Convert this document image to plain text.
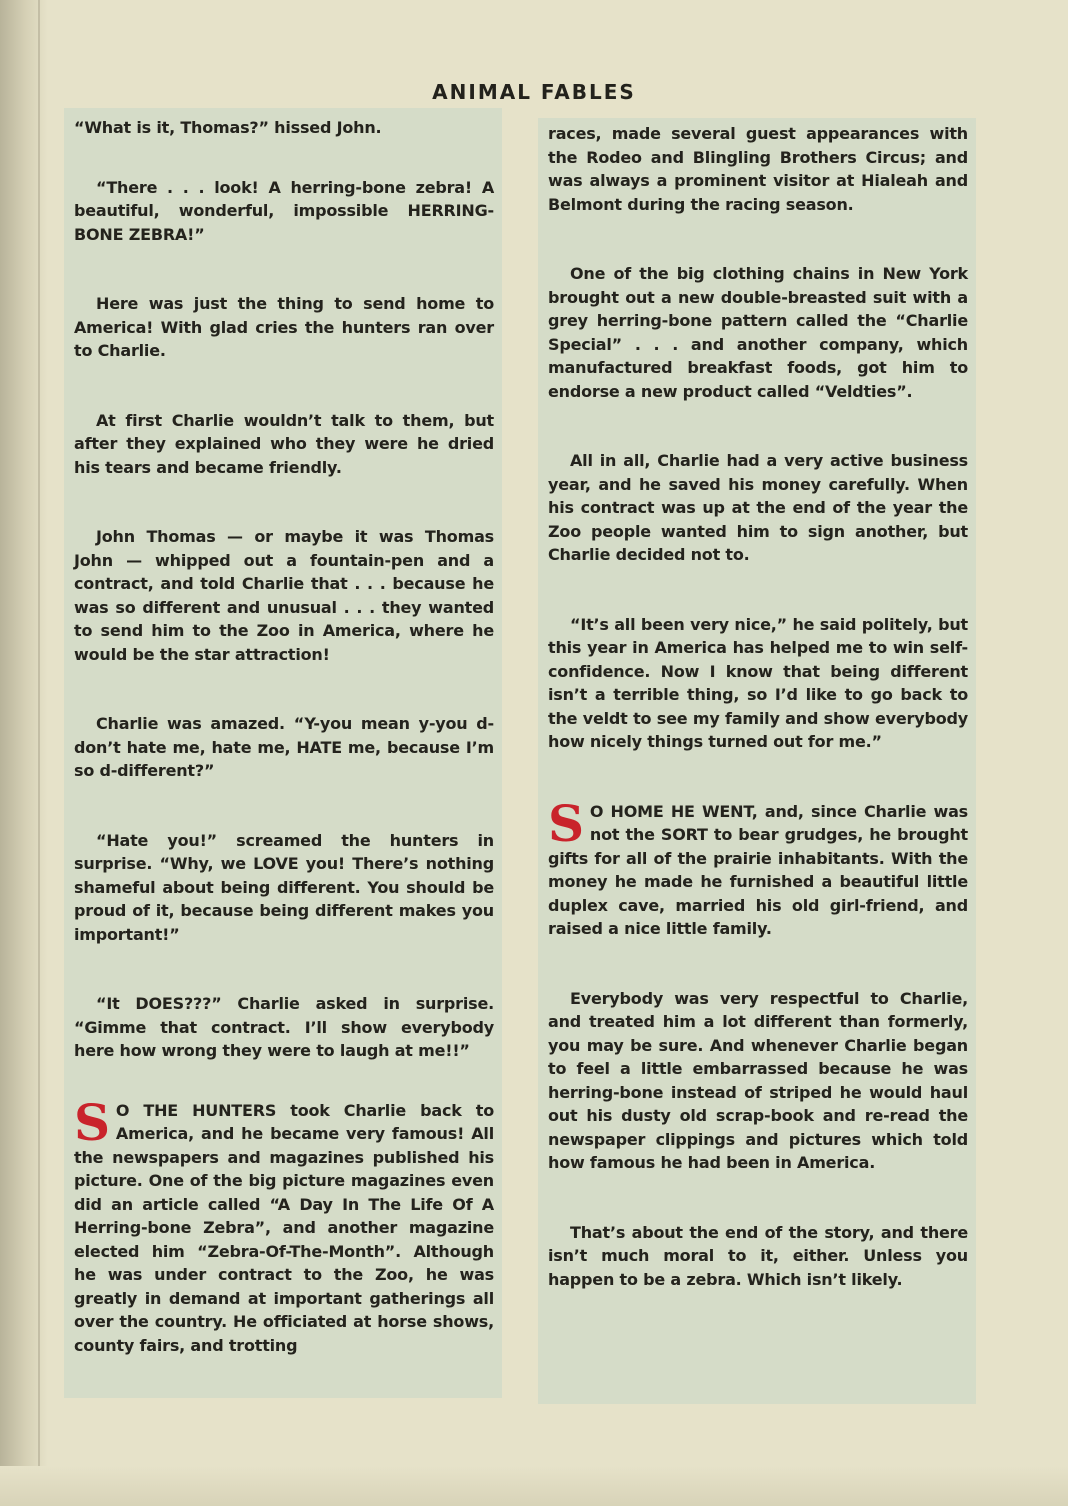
ANIMAL FABLES

“What is it, Thomas?” hissed John.

“There . . . look! A herring-bone zebra! A beautiful, wonderful, impossible HERRING-BONE ZEBRA!”

Here was just the thing to send home to America! With glad cries the hunters ran over to Charlie.

At first Charlie wouldn’t talk to them, but after they explained who they were he dried his tears and became friendly.

John Thomas — or maybe it was Thomas John — whipped out a fountain-pen and a contract, and told Charlie that . . . because he was so different and unusual . . . they wanted to send him to the Zoo in America, where he would be the star attraction!

Charlie was amazed. “Y-you mean y-you d-don’t hate me, hate me, HATE me, because I’m so d-different?”

“Hate you!” screamed the hunters in surprise. “Why, we LOVE you! There’s nothing shameful about being different. You should be proud of it, because being different makes you important!”

“It DOES???” Charlie asked in surprise. “Gimme that contract. I’ll show everybody here how wrong they were to laugh at me!!”

S O THE HUNTERS took Charlie back to America, and he became very famous! All the newspapers and magazines published his picture. One of the big picture magazines even did an article called “A Day In The Life Of A Herring-bone Zebra”, and another magazine elected him “Zebra-Of-The-Month”. Although he was under contract to the Zoo, he was greatly in demand at important gatherings all over the country. He officiated at horse shows, county fairs, and trotting

races, made several guest appearances with the Rodeo and Blingling Brothers Circus; and was always a prominent visitor at Hialeah and Belmont during the racing season.

One of the big clothing chains in New York brought out a new double-breasted suit with a grey herring-bone pattern called the “Charlie Special” . . . and another company, which manufactured breakfast foods, got him to endorse a new product called “Veldties”.

All in all, Charlie had a very active business year, and he saved his money carefully. When his contract was up at the end of the year the Zoo people wanted him to sign another, but Charlie decided not to.

“It’s all been very nice,” he said politely, but this year in America has helped me to win self-confidence. Now I know that being different isn’t a terrible thing, so I’d like to go back to the veldt to see my family and show everybody how nicely things turned out for me.”

S O HOME HE WENT, and, since Charlie was not the SORT to bear grudges, he brought gifts for all of the prairie inhabitants. With the money he made he furnished a beautiful little duplex cave, married his old girl-friend, and raised a nice little family.

Everybody was very respectful to Charlie, and treated him a lot different than formerly, you may be sure. And whenever Charlie began to feel a little embarrassed because he was herring-bone instead of striped he would haul out his dusty old scrap-book and re-read the newspaper clippings and pictures which told how famous he had been in America.

That’s about the end of the story, and there isn’t much moral to it, either. Unless you happen to be a zebra. Which isn’t likely.
